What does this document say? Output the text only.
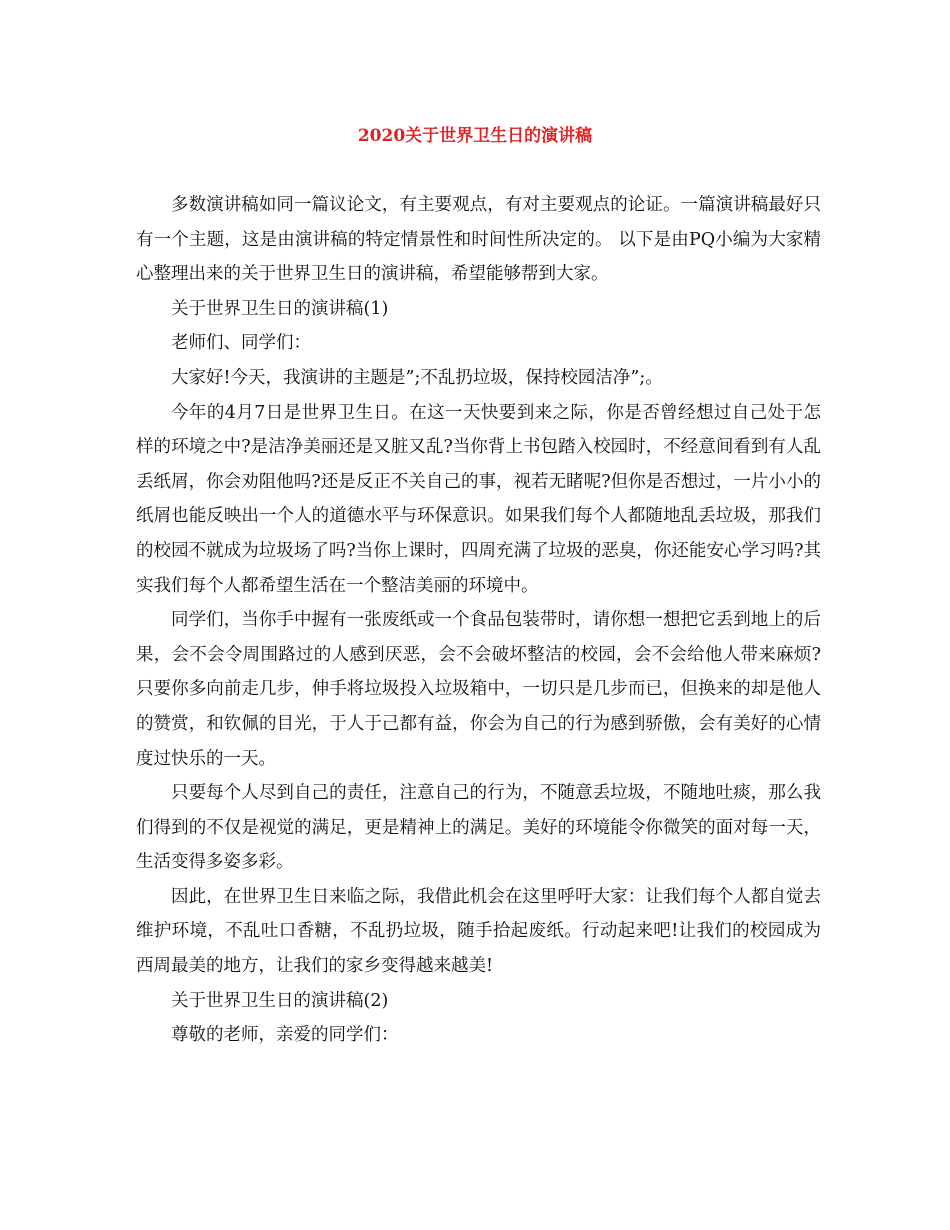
2020关于世界卫生日的演讲稿

多数演讲稿如同一篇议论文，有主要观点，有对主要观点的论证。一篇演讲稿最好只有一个主题，这是由演讲稿的特定情景性和时间性所决定的。 以下是由PQ小编为大家精心整理出来的关于世界卫生日的演讲稿，希望能够帮到大家。

关于世界卫生日的演讲稿(1)

老师们、同学们：

大家好!今天，我演讲的主题是”;不乱扔垃圾，保持校园洁净”;。

今年的4月7日是世界卫生日。在这一天快要到来之际，你是否曾经想过自己处于怎样的环境之中?是洁净美丽还是又脏又乱?当你背上书包踏入校园时，不经意间看到有人乱丢纸屑，你会劝阻他吗?还是反正不关自己的事，视若无睹呢?但你是否想过，一片小小的纸屑也能反映出一个人的道德水平与环保意识。如果我们每个人都随地乱丢垃圾，那我们的校园不就成为垃圾场了吗?当你上课时，四周充满了垃圾的恶臭，你还能安心学习吗?其实我们每个人都希望生活在一个整洁美丽的环境中。

同学们，当你手中握有一张废纸或一个食品包装带时，请你想一想把它丢到地上的后果，会不会令周围路过的人感到厌恶，会不会破坏整洁的校园，会不会给他人带来麻烦?只要你多向前走几步，伸手将垃圾投入垃圾箱中，一切只是几步而已，但换来的却是他人的赞赏，和钦佩的目光，于人于己都有益，你会为自己的行为感到骄傲，会有美好的心情度过快乐的一天。

只要每个人尽到自己的责任，注意自己的行为，不随意丢垃圾，不随地吐痰，那么我们得到的不仅是视觉的满足，更是精神上的满足。美好的环境能令你微笑的面对每一天，生活变得多姿多彩。

因此，在世界卫生日来临之际，我借此机会在这里呼吁大家：让我们每个人都自觉去维护环境，不乱吐口香糖，不乱扔垃圾，随手拾起废纸。行动起来吧!让我们的校园成为西周最美的地方，让我们的家乡变得越来越美!

关于世界卫生日的演讲稿(2)

尊敬的老师，亲爱的同学们：
